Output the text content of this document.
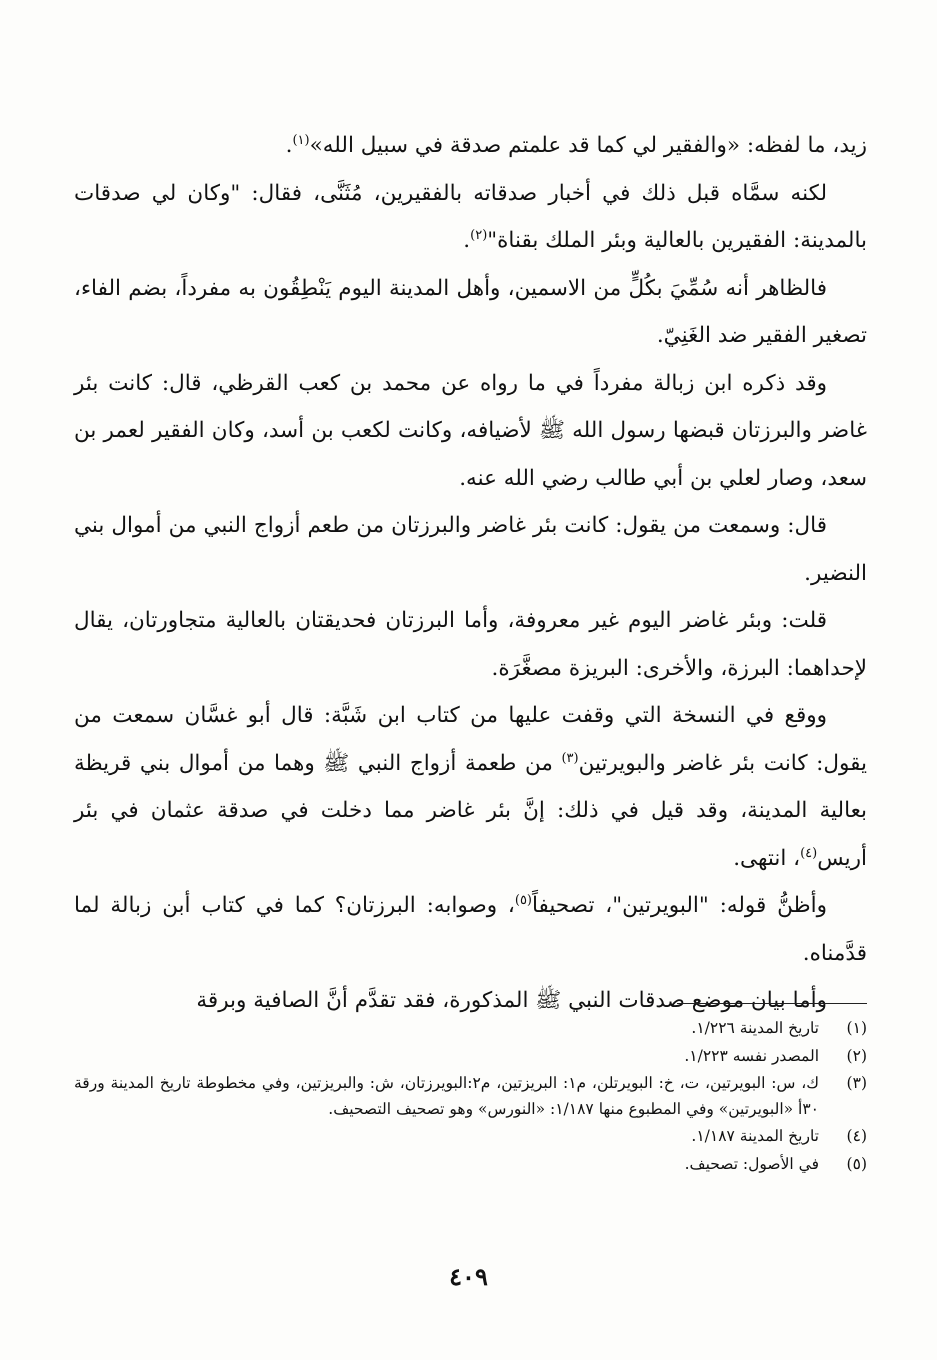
زيد، ما لفظه: «والفقير لي كما قد علمتم صدقة في سبيل الله»$^{(١)}$.

لكنه سمَّاه قبل ذلك في أخبار صدقاته بالفقيرين، مُثَنَّى، فقال: "وكان لي صدقات بالمدينة: الفقيرين بالعالية وبئر الملك بقناة"$^{(٢)}$.

فالظاهر أنه سُمِّيَ بكُلٍّ من الاسمين، وأهل المدينة اليوم يَنْطِقُون به مفرداً، بضم الفاء، تصغير الفقير ضد الغَنِيّ.

وقد ذكره ابن زبالة مفرداً في ما رواه عن محمد بن كعب القرظي، قال: كانت بئر غاضر والبرزتان قبضها رسول الله ﷺ لأضيافه، وكانت لكعب بن أسد، وكان الفقير لعمر بن سعد، وصار لعلي بن أبي طالب رضي الله عنه.

قال: وسمعت من يقول: كانت بئر غاضر والبرزتان من طعم أزواج النبي من أموال بني النضير.

قلت: وبئر غاضر اليوم غير معروفة، وأما البرزتان فحديقتان بالعالية متجاورتان، يقال لإحداهما: البرزة، والأخرى: البريزة مصغَّرَة.

ووقع في النسخة التي وقفت عليها من كتاب ابن شَبَّة: قال أبو غسَّان سمعت من يقول: كانت بئر غاضر والبويرتين$^{(٣)}$ من طعمة أزواج النبي ﷺ وهما من أموال بني قريظة بعالية المدينة، وقد قيل في ذلك: إنَّ بئر غاضر مما دخلت في صدقة عثمان في بئر أريس$^{(٤)}$، انتهى.

وأظنُّ قوله: "البويرتين"، تصحيفاً$^{(٥)}$، وصوابه: البرزتان؟ كما في كتاب أبن زبالة لما قدَّمناه.

وأما بيان موضع صدقات النبي ﷺ المذكورة، فقد تقدَّم أنَّ الصافية وبرقة

(١)
تاريخ المدينة ١/٢٢٦.
(٢)
المصدر نفسه ١/٢٢٣.
(٣)
ك، س: البويرتين، ت، خ: البويرتلن، م١: البريزتين، م٢:البويرزتان، ش: والبريزتين، وفي مخطوطة تاريخ المدينة ورقة ٣٠أ «البويرتين» وفي المطبوع منها ١/١٨٧: «النورس» وهو تصحيف التصحيف.
(٤)
تاريخ المدينة ١/١٨٧.
(٥)
في الأصول: تصحيف.
٤٠٩
